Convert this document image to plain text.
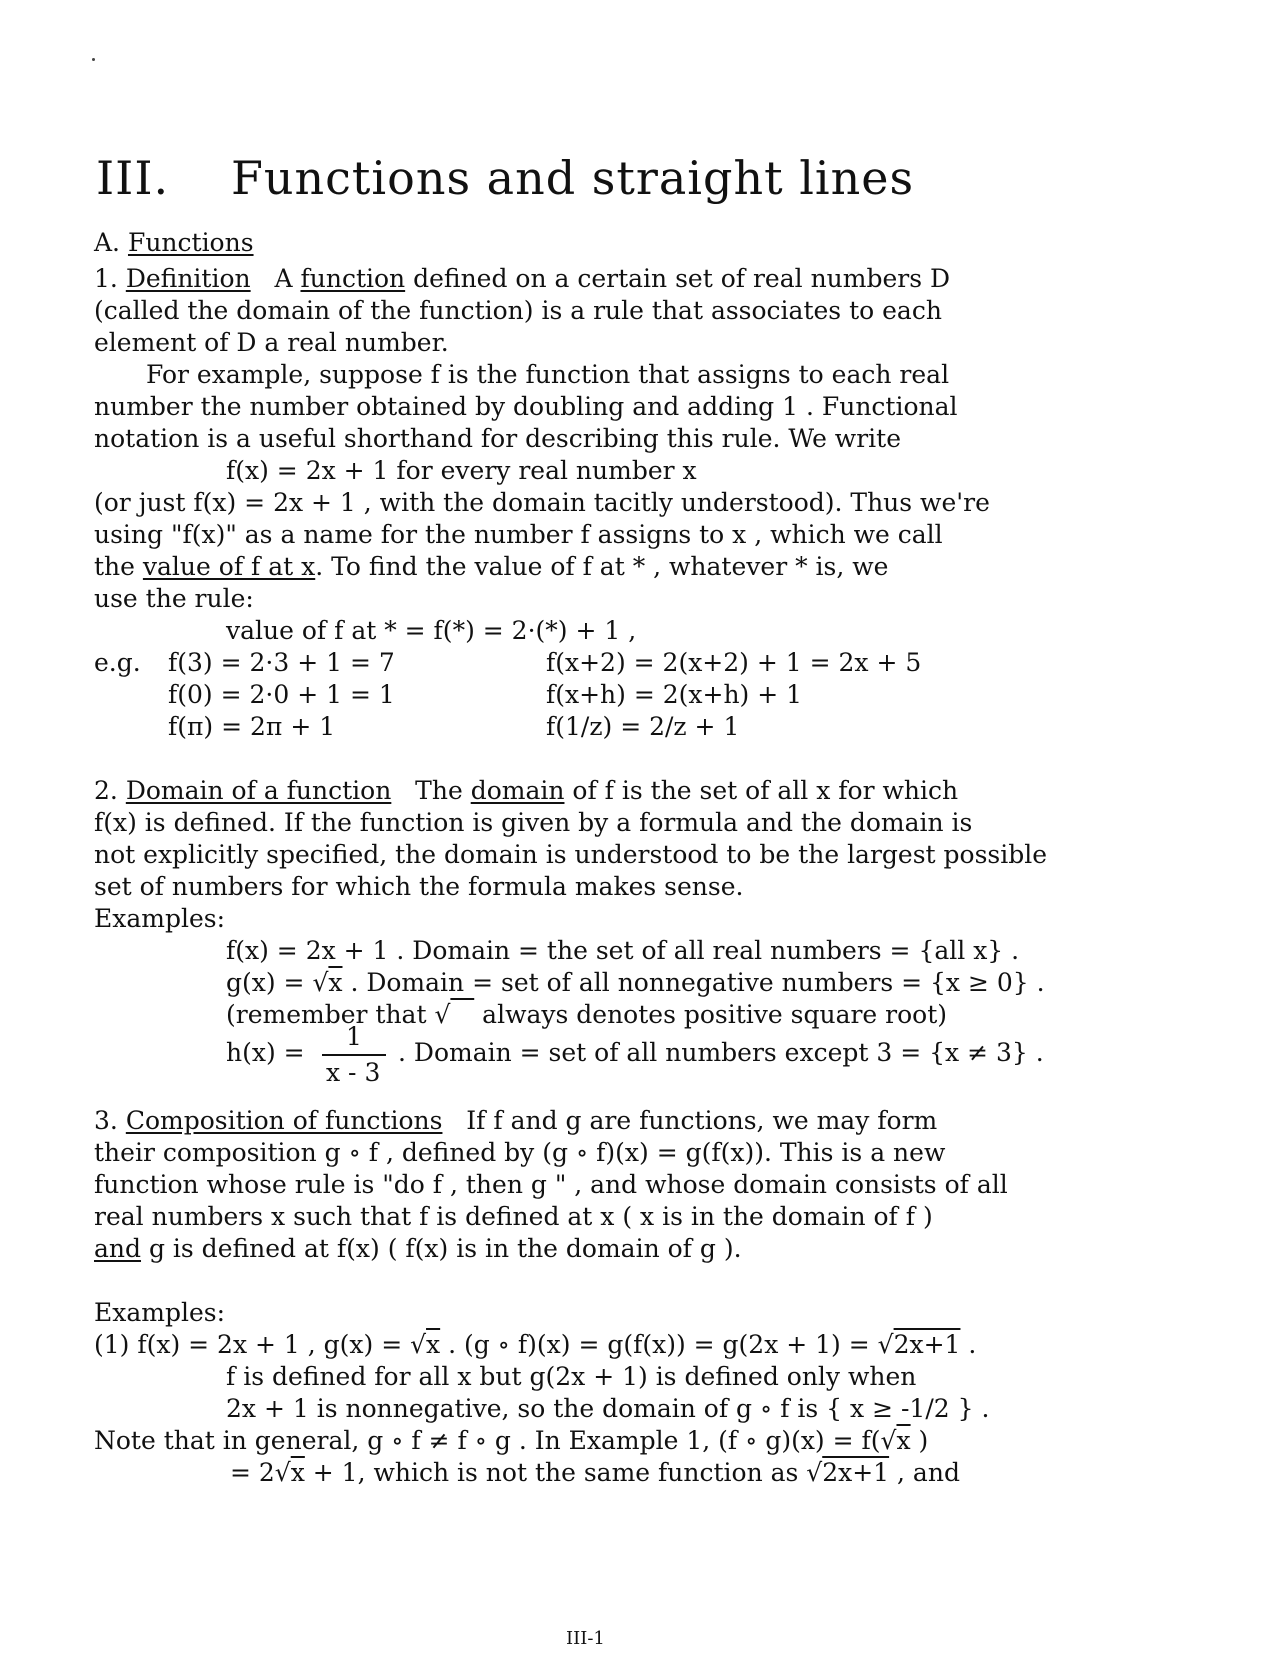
III. Functions and straight lines
A. Functions
1. Definition A function defined on a certain set of real numbers D
(called the domain of the function) is a rule that associates to each
element of D a real number.
For example, suppose f is the function that assigns to each real
number the number obtained by doubling and adding 1 . Functional
notation is a useful shorthand for describing this rule. We write
f(x) = 2x + 1 for every real number x
(or just f(x) = 2x + 1 , with the domain tacitly understood). Thus we're
using "f(x)" as a name for the number f assigns to x , which we call
the value of f at x. To find the value of f at * , whatever * is, we
use the rule:
value of f at * = f(*) = 2·(*) + 1 ,
e.g. f(3) = 2·3 + 1 = 7
f(0) = 2·0 + 1 = 1
f(π) = 2π + 1
f(x+2) = 2(x+2) + 1 = 2x + 5
f(x+h) = 2(x+h) + 1
f(1/z) = 2/z + 1
2. Domain of a function The domain of f is the set of all x for which
f(x) is defined. If the function is given by a formula and the domain is
not explicitly specified, the domain is understood to be the largest possible
set of numbers for which the formula makes sense.
Examples:
f(x) = 2x + 1 . Domain = the set of all real numbers = {all x} .
g(x) = √x . Domain = set of all nonnegative numbers = {x ≥ 0} .
(remember that √    always denotes positive square root)
h(x) =
1
x - 3
. Domain = set of all numbers except 3 = {x ≠ 3} .
3. Composition of functions If f and g are functions, we may form
their composition g ∘ f , defined by (g ∘ f)(x) = g(f(x)). This is a new
function whose rule is "do f , then g " , and whose domain consists of all
real numbers x such that f is defined at x ( x is in the domain of f )
and g is defined at f(x) ( f(x) is in the domain of g ).
Examples:
(1) f(x) = 2x + 1 , g(x) = √x . (g ∘ f)(x) = g(f(x)) = g(2x + 1) = √2x+1 .
f is defined for all x but g(2x + 1) is defined only when
2x + 1 is nonnegative, so the domain of g ∘ f is { x ≥ -1/2 } .
Note that in general, g ∘ f ≠ f ∘ g . In Example 1, (f ∘ g)(x) = f(√x )
= 2√x + 1, which is not the same function as √2x+1 , and
III-1
